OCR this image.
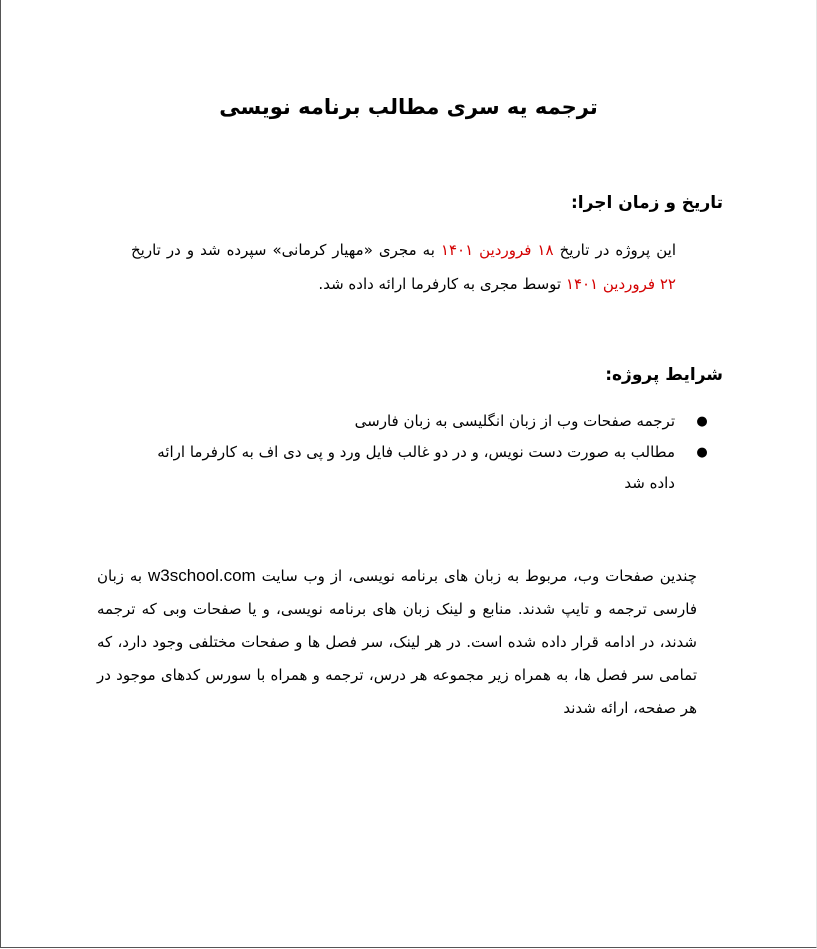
ترجمه یه سری مطالب برنامه نویسی
تاریخ و زمان اجرا:

این پروژه در تاریخ ۱۸ فروردین ۱۴۰۱ به مجری «مهیار کرمانی» سپرده شد و در تاریخ ۲۲ فروردین ۱۴۰۱ توسط مجری به کارفرما ارائه داده شد.

شرایط پروژه:
●
ترجمه صفحات وب از زبان انگلیسی به زبان فارسی
●
مطالب به صورت دست نویس، و در دو غالب فایل ورد و پی دی اف به کارفرما ارائه داده شد

چندین صفحات وب، مربوط به زبان های برنامه نویسی، از وب سایت w3school.com به زبان فارسی ترجمه و تایپ شدند. منابع و لینک زبان های برنامه نویسی، و یا صفحات وبی که ترجمه شدند، در ادامه قرار داده شده است. در هر لینک، سر فصل ها و صفحات مختلفی وجود دارد، که تمامی سر فصل ها، به همراه زیر مجموعه هر درس، ترجمه و همراه با سورس کدهای موجود در هر صفحه، ارائه شدند
